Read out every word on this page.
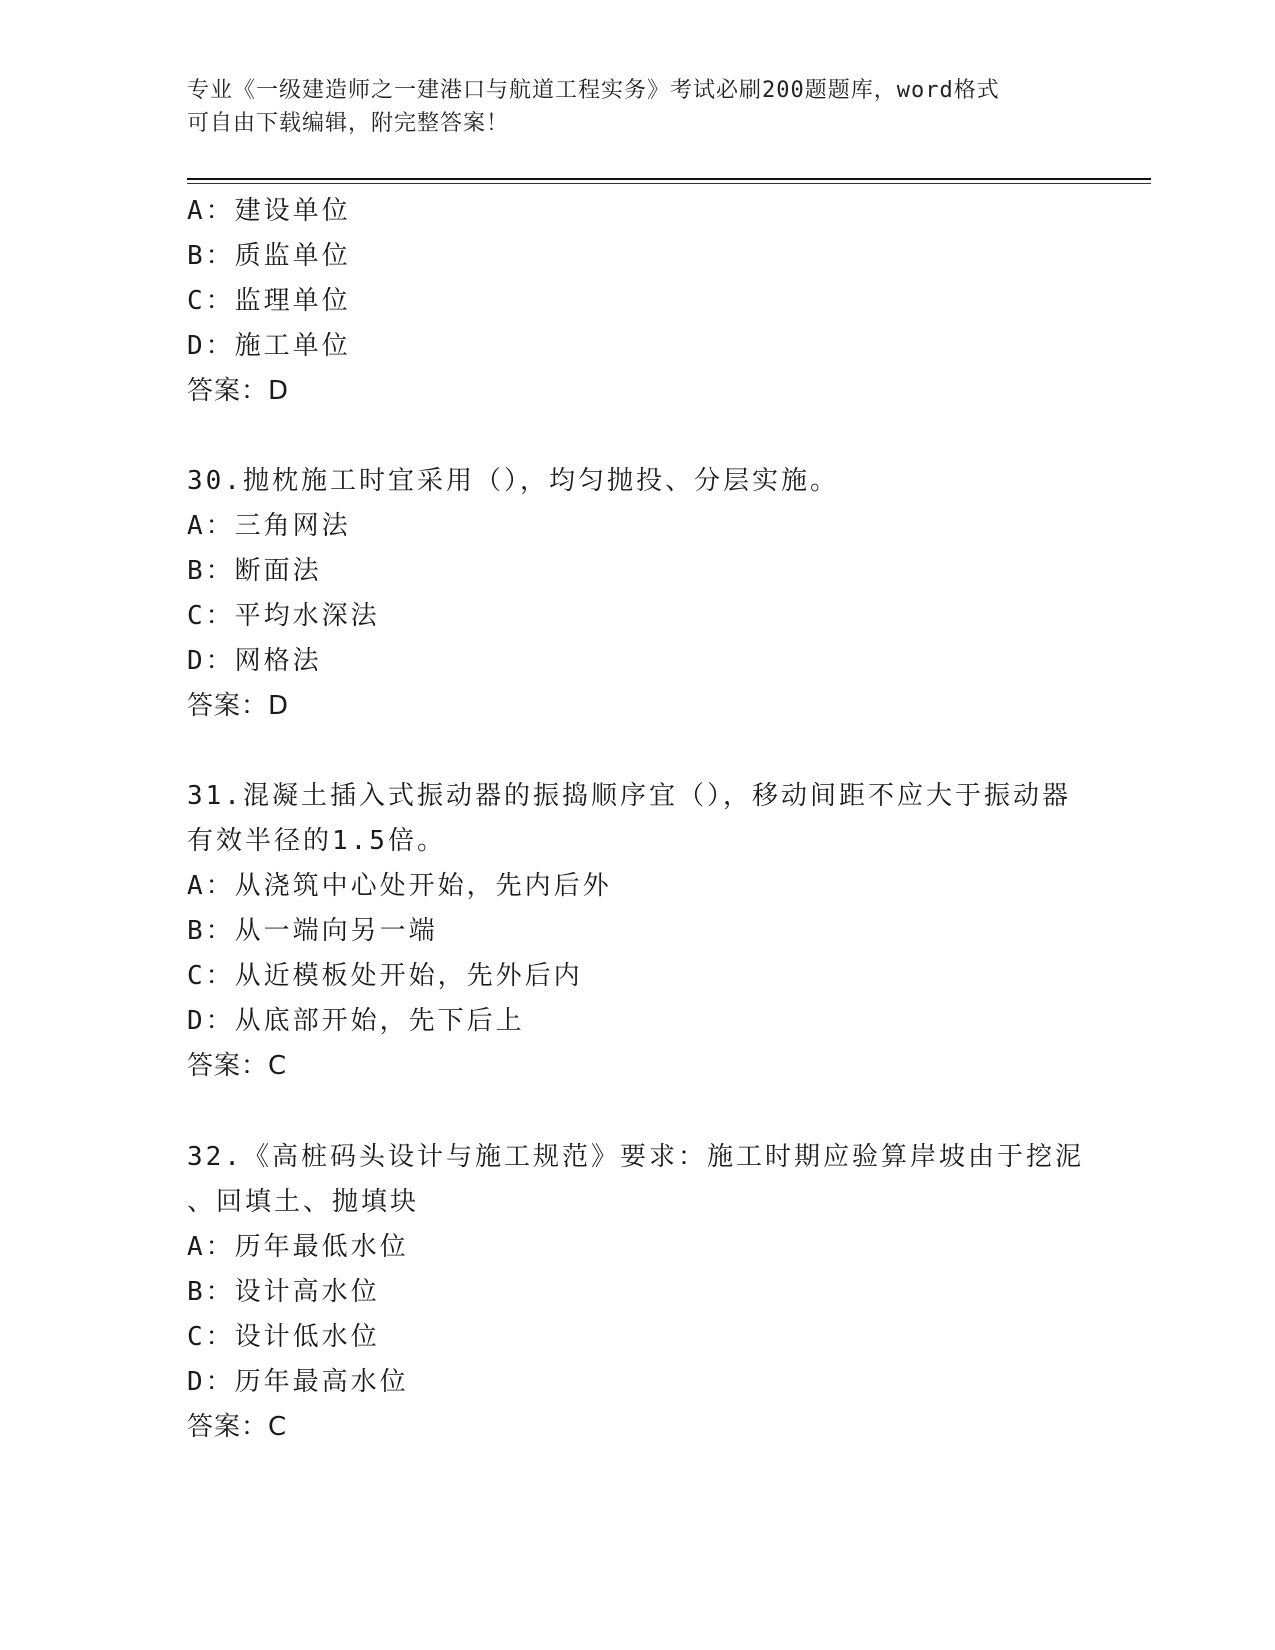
专业《一级建造师之一建港口与航道工程实务》考试必刷200题题库，word格式
可自由下载编辑，附完整答案！
A：建设单位
B：质监单位
C：监理单位
D：施工单位
答案：D
30.抛枕施工时宜采用（），均匀抛投、分层实施。
A：三角网法
B：断面法
C：平均水深法
D：网格法
答案：D
31.混凝土插入式振动器的振捣顺序宜（），移动间距不应大于振动器
有效半径的1.5倍。
A：从浇筑中心处开始，先内后外
B：从一端向另一端
C：从近模板处开始，先外后内
D：从底部开始，先下后上
答案：C
32.《高桩码头设计与施工规范》要求：施工时期应验算岸坡由于挖泥
、回填土、抛填块
A：历年最低水位
B：设计高水位
C：设计低水位
D：历年最高水位
答案：C
